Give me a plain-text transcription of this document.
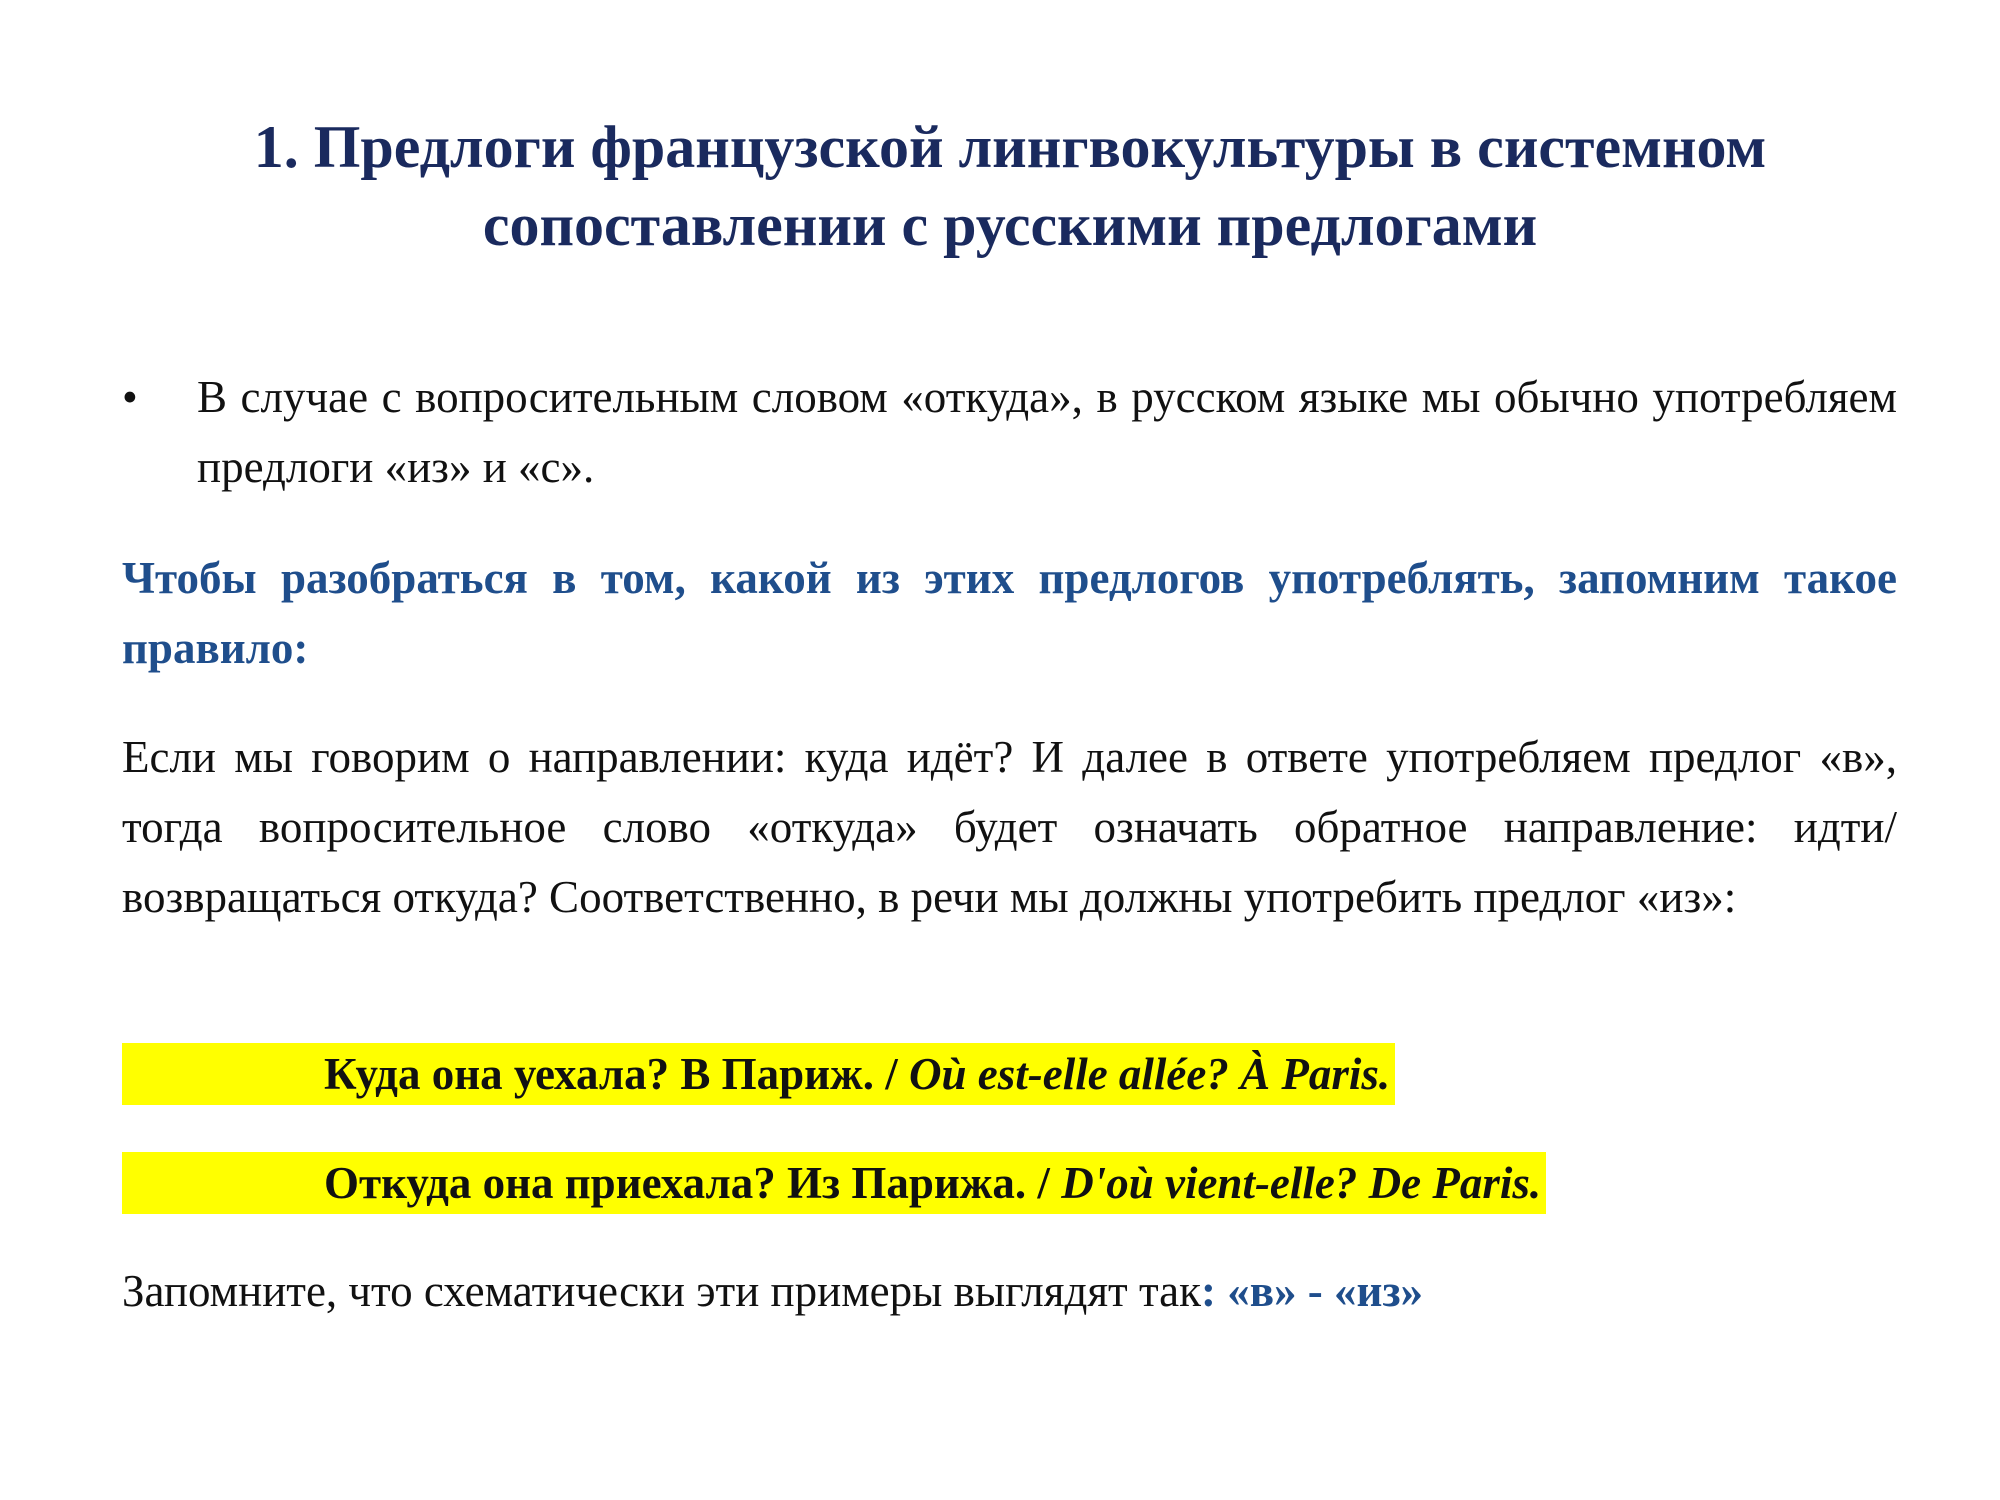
1. Предлоги французской лингвокультуры в системном
сопоставлении с русскими предлогами
•	В случае с вопросительным словом «откуда», в русском языке мы обычно употребляем предлоги «из» и «с».
Чтобы разобраться в том, какой из этих предлогов употреблять, запомним такое правило:
Если мы говорим о направлении: куда идёт? И далее в ответе употребляем предлог «в», тогда вопросительное слово «откуда» будет означать обратное направление: идти/возвращаться откуда? Соответственно, в речи мы должны употребить предлог «из»:
Куда она уехала? В Париж. / Où est-elle allée? À Paris.
Откуда она приехала? Из Парижа. / D'où vient-elle? De Paris.
Запомните, что схематически эти примеры выглядят так: «в» - «из»
